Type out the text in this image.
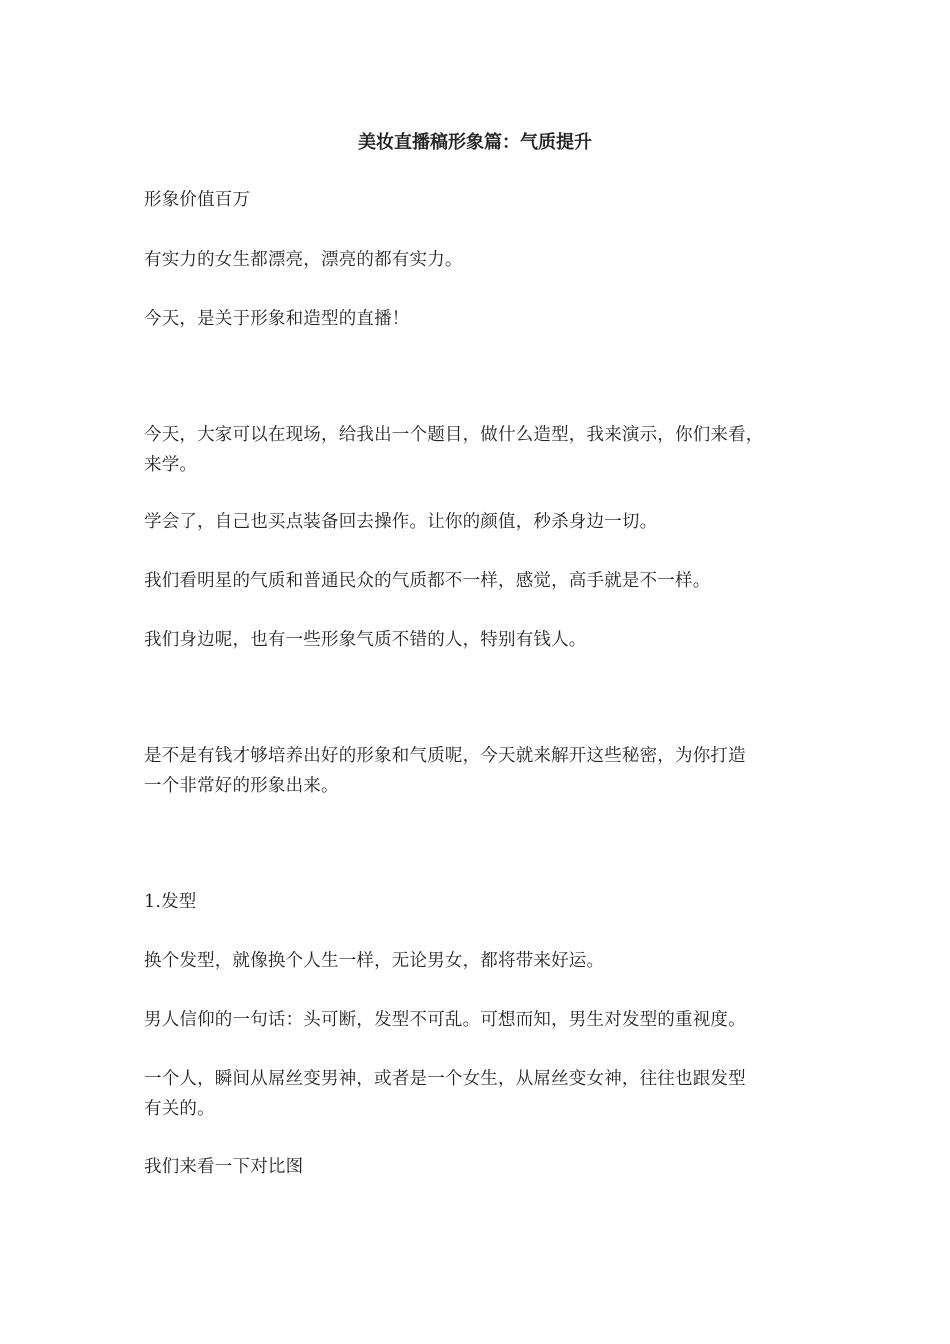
美妆直播稿形象篇：气质提升
形象价值百万
有实力的女生都漂亮，漂亮的都有实力。
今天，是关于形象和造型的直播！
今天，大家可以在现场，给我出一个题目，做什么造型，我来演示，你们来看，
来学。
学会了，自己也买点装备回去操作。让你的颜值，秒杀身边一切。
我们看明星的气质和普通民众的气质都不一样，感觉，高手就是不一样。
我们身边呢，也有一些形象气质不错的人，特别有钱人。
是不是有钱才够培养出好的形象和气质呢，今天就来解开这些秘密，为你打造
一个非常好的形象出来。
1.发型
换个发型，就像换个人生一样，无论男女，都将带来好运。
男人信仰的一句话：头可断，发型不可乱。可想而知，男生对发型的重视度。
一个人，瞬间从屌丝变男神，或者是一个女生，从屌丝变女神，往往也跟发型
有关的。
我们来看一下对比图
